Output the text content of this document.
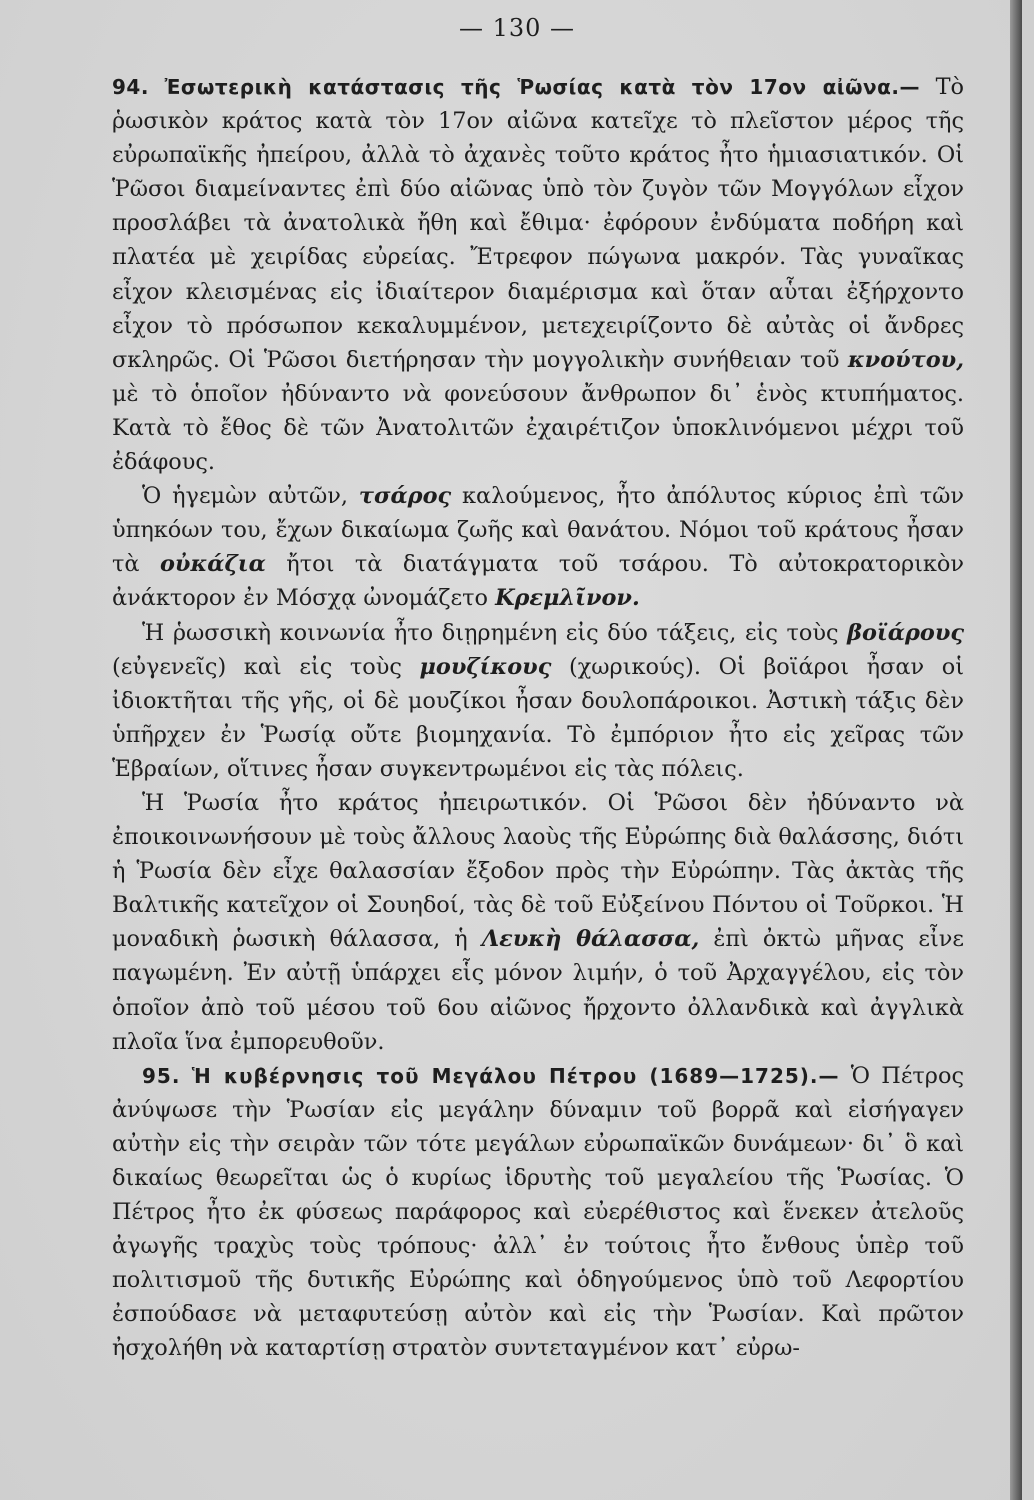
— 130 —

94. Ἐσωτερικὴ κατάστασις τῆς Ῥωσίας κατὰ τὸν 17ον αἰῶνα.— Τὸ ῥωσικὸν κράτος κατὰ τὸν 17ον αἰῶνα κατεῖχε τὸ πλεῖστον μέρος τῆς εὐρωπαϊκῆς ἠπείρου, ἀλλὰ τὸ ἀχανὲς τοῦτο κράτος ἦτο ἡμιασιατικόν. Οἱ Ῥῶσοι διαμείναντες ἐπὶ δύο αἰῶνας ὑπὸ τὸν ζυγὸν τῶν Μογγόλων εἶχον προσλάβει τὰ ἀνατολικὰ ἤθη καὶ ἔθιμα· ἐφόρουν ἐνδύματα ποδήρη καὶ πλατέα μὲ χειρίδας εὐρείας. Ἔτρεφον πώγωνα μακρόν. Τὰς γυναῖκας εἶχον κλεισμένας εἰς ἰδιαίτερον διαμέρισμα καὶ ὅταν αὗται ἐξήρχοντο εἶχον τὸ πρόσωπον κεκαλυμμένον, μετεχειρίζοντο δὲ αὐτὰς οἱ ἄνδρες σκληρῶς. Οἱ Ῥῶσοι διετήρησαν τὴν μογγολικὴν συνήθειαν τοῦ κνούτου, μὲ τὸ ὁποῖον ἠδύναντο νὰ φονεύσουν ἄνθρωπον δι᾽ ἑνὸς κτυπήματος. Κατὰ τὸ ἔθος δὲ τῶν Ἀνατολιτῶν ἐχαιρέτιζον ὑποκλινόμενοι μέχρι τοῦ ἐδάφους.

Ὁ ἡγεμὼν αὐτῶν, τσάρος καλούμενος, ἦτο ἀπόλυτος κύριος ἐπὶ τῶν ὑπηκόων του, ἔχων δικαίωμα ζωῆς καὶ θανάτου. Νόμοι τοῦ κράτους ἦσαν τὰ οὐκάζια ἤτοι τὰ διατάγματα τοῦ τσάρου. Τὸ αὐτοκρατορικὸν ἀνάκτορον ἐν Μόσχᾳ ὠνομάζετο Κρεμλῖνον.

Ἡ ῥωσσικὴ κοινωνία ἦτο διῃρημένη εἰς δύο τάξεις, εἰς τοὺς βοϊάρους (εὐγενεῖς) καὶ εἰς τοὺς μουζίκους (χωρικούς). Οἱ βοϊάροι ἦσαν οἱ ἰδιοκτῆται τῆς γῆς, οἱ δὲ μουζίκοι ἦσαν δουλοπάροικοι. Ἀστικὴ τάξις δὲν ὑπῆρχεν ἐν Ῥωσίᾳ οὔτε βιομηχανία. Τὸ ἐμπόριον ἦτο εἰς χεῖρας τῶν Ἑβραίων, οἵτινες ἦσαν συγκεντρωμένοι εἰς τὰς πόλεις.

Ἡ Ῥωσία ἦτο κράτος ἠπειρωτικόν. Οἱ Ῥῶσοι δὲν ἠδύναντο νὰ ἐποικοινωνήσουν μὲ τοὺς ἄλλους λαοὺς τῆς Εὐρώπης διὰ θαλάσσης, διότι ἡ Ῥωσία δὲν εἶχε θαλασσίαν ἔξοδον πρὸς τὴν Εὐρώπην. Τὰς ἀκτὰς τῆς Βαλτικῆς κατεῖχον οἱ Σουηδοί, τὰς δὲ τοῦ Εὐξείνου Πόντου οἱ Τοῦρκοι. Ἡ μοναδικὴ ῥωσικὴ θάλασσα, ἡ Λευκὴ θάλασσα, ἐπὶ ὀκτὼ μῆνας εἶνε παγωμένη. Ἐν αὐτῇ ὑπάρχει εἷς μόνον λιμήν, ὁ τοῦ Ἀρχαγγέλου, εἰς τὸν ὁποῖον ἀπὸ τοῦ μέσου τοῦ 6ου αἰῶνος ἤρχοντο ὀλλανδικὰ καὶ ἀγγλικὰ πλοῖα ἵνα ἐμπορευθοῦν.

95. Ἡ κυβέρνησις τοῦ Μεγάλου Πέτρου (1689—1725).— Ὁ Πέτρος ἀνύψωσε τὴν Ῥωσίαν εἰς μεγάλην δύναμιν τοῦ βορρᾶ καὶ εἰσήγαγεν αὐτὴν εἰς τὴν σειρὰν τῶν τότε μεγάλων εὐρωπαϊκῶν δυνάμεων· δι᾽ ὃ καὶ δικαίως θεωρεῖται ὡς ὁ κυρίως ἱδρυτὴς τοῦ μεγαλείου τῆς Ῥωσίας. Ὁ Πέτρος ἦτο ἐκ φύσεως παράφορος καὶ εὐερέθιστος καὶ ἕνεκεν ἀτελοῦς ἀγωγῆς τραχὺς τοὺς τρόπους· ἀλλ᾽ ἐν τούτοις ἦτο ἔνθους ὑπὲρ τοῦ πολιτισμοῦ τῆς δυτικῆς Εὐρώπης καὶ ὁδηγούμενος ὑπὸ τοῦ Λεφορτίου ἐσπούδασε νὰ μεταφυτεύσῃ αὐτὸν καὶ εἰς τὴν Ῥωσίαν. Καὶ πρῶτον ἠσχολήθη νὰ καταρτίσῃ στρατὸν συντεταγμένον κατ᾽ εὐρω-
